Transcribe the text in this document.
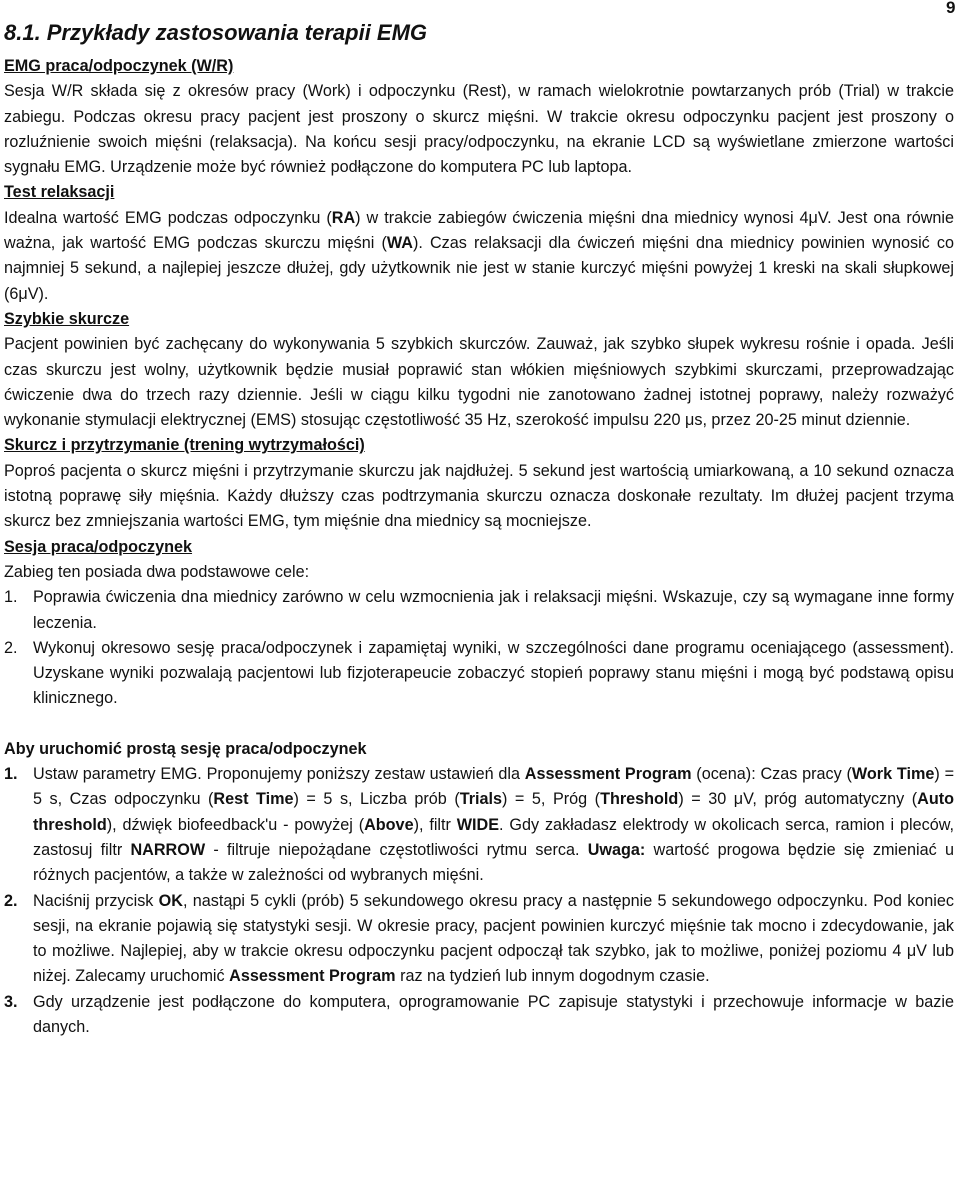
9
8.1. Przykłady zastosowania terapii EMG

EMG praca/odpoczynek (W/R)

Sesja W/R składa się z okresów pracy (Work) i odpoczynku (Rest), w ramach wielokrotnie powtarzanych prób (Trial) w trakcie zabiegu. Podczas okresu pracy pacjent jest proszony o skurcz mięśni. W trakcie okresu odpoczynku pacjent jest proszony o rozluźnienie swoich mięśni (relaksacja). Na końcu sesji pracy/odpoczynku, na ekranie LCD są wyświetlane zmierzone wartości sygnału EMG. Urządzenie może być również podłączone do komputera PC lub laptopa.

Test relaksacji

Idealna wartość EMG podczas odpoczynku (RA) w trakcie zabiegów ćwiczenia mięśni dna miednicy wynosi 4μV. Jest ona równie ważna, jak wartość EMG podczas skurczu mięśni (WA). Czas relaksacji dla ćwiczeń mięśni dna miednicy powinien wynosić co najmniej 5 sekund, a najlepiej jeszcze dłużej, gdy użytkownik nie jest w stanie kurczyć mięśni powyżej 1 kreski na skali słupkowej (6μV).

Szybkie skurcze

Pacjent powinien być zachęcany do wykonywania 5 szybkich skurczów. Zauważ, jak szybko słupek wykresu rośnie i opada. Jeśli czas skurczu jest wolny, użytkownik będzie musiał poprawić stan włókien mięśniowych szybkimi skurczami, przeprowadzając ćwiczenie dwa do trzech razy dziennie. Jeśli w ciągu kilku tygodni nie zanotowano żadnej istotnej poprawy, należy rozważyć wykonanie stymulacji elektrycznej (EMS) stosując częstotliwość 35 Hz, szerokość impulsu 220 μs, przez 20-25 minut dziennie.

Skurcz i przytrzymanie (trening wytrzymałości)

Poproś pacjenta o skurcz mięśni i przytrzymanie skurczu jak najdłużej. 5 sekund jest wartością umiarkowaną, a 10 sekund oznacza istotną poprawę siły mięśnia. Każdy dłuższy czas podtrzymania skurczu oznacza doskonałe rezultaty. Im dłużej pacjent trzyma skurcz bez zmniejszania wartości EMG, tym mięśnie dna miednicy są mocniejsze.

Sesja praca/odpoczynek

Zabieg ten posiada dwa podstawowe cele:

1. Poprawia ćwiczenia dna miednicy zarówno w celu wzmocnienia jak i relaksacji mięśni. Wskazuje, czy są wymagane inne formy leczenia.
2. Wykonuj okresowo sesję praca/odpoczynek i zapamiętaj wyniki, w szczególności dane programu oceniającego (assessment). Uzyskane wyniki pozwalają pacjentowi lub fizjoterapeucie zobaczyć stopień poprawy stanu mięśni i mogą być podstawą opisu klinicznego.

Aby uruchomić prostą sesję praca/odpoczynek

1. Ustaw parametry EMG. Proponujemy poniższy zestaw ustawień dla Assessment Program (ocena): Czas pracy (Work Time) = 5 s, Czas odpoczynku (Rest Time) = 5 s, Liczba prób (Trials) = 5, Próg (Threshold) = 30 μV, próg automatyczny (Auto threshold), dźwięk biofeedback'u - powyżej (Above), filtr WIDE. Gdy zakładasz elektrody w okolicach serca, ramion i pleców, zastosuj filtr NARROW - filtruje niepożądane częstotliwości rytmu serca. Uwaga: wartość progowa będzie się zmieniać u różnych pacjentów, a także w zależności od wybranych mięśni.
2. Naciśnij przycisk OK, nastąpi 5 cykli (prób) 5 sekundowego okresu pracy a następnie 5 sekundowego odpoczynku. Pod koniec sesji, na ekranie pojawią się statystyki sesji. W okresie pracy, pacjent powinien kurczyć mięśnie tak mocno i zdecydowanie, jak to możliwe. Najlepiej, aby w trakcie okresu odpoczynku pacjent odpoczął tak szybko, jak to możliwe, poniżej poziomu 4 μV lub niżej. Zalecamy uruchomić Assessment Program raz na tydzień lub innym dogodnym czasie.
3. Gdy urządzenie jest podłączone do komputera, oprogramowanie PC zapisuje statystyki i przechowuje informacje w bazie danych.
